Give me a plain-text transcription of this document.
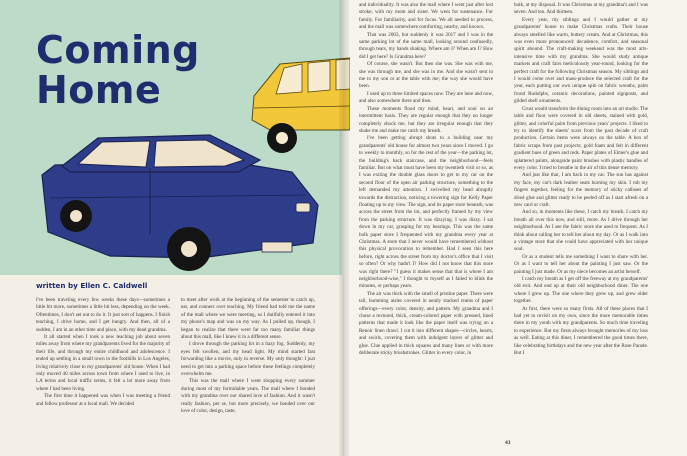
Coming
Home
written by Ellen C. Caldwell

I've been traveling every few weeks these days—sometimes a little bit more, sometimes a little bit less, depending on the week. Oftentimes, I don't set out to do it. It just sort of happens. I finish teaching, I drive home, and I get hungry. And then, all of a sudden, I am in an other time and place, with my dead grandma.

It all started when I took a new teaching job about seven miles away from where my grandparents lived for the majority of their life, and through my entire childhood and adolescence. I ended up settling in a small town in the foothills in Los Angeles, living relatively close to my grandparents' old house. When I had only moved 40 miles across town from where I used to live, in LA terms and local traffic terms, it felt a lot more away from where I had been living.

The first time it happened was when I was meeting a friend and fellow professor at a local mall. We decided

to meet after work at the beginning of the semester to catch up, eat, and connect over teaching. My friend had told me the name of the mall where we were meeting, so I dutifully entered it into my phone's map and was on my way. As I pulled up, though, I began to realize that there were far too many familiar things about this mall, like I knew it in a different sense.

I drove through the parking lot in a hazy fog. Suddenly, my eyes felt swollen, and my head light. My mind started fast forwarding like a movie, only in reverse. My only thought: I just need to get into a parking space before these feelings completely overwhelm me.

This was the mall where I went shopping every summer during most of my formidable years. The mall where I bonded with my grandma over our shared love of fashion. And it wasn't really fashion, per se, but more precisely, we bonded over our love of color, design, taste,

and individuality. It was also the mall where I went just after lost stroke, with my mom and sister. We went for sustenance. For family. For familiarity, and for focus. We all needed to process, and the mall was somewhere comforting, nearby, and known.

That was 2003, but suddenly it was 2017 and I was in the same parking lot of the same mall, looking around confusedly, through tears, my hands shaking. Where am I? When am I? How did I get here? Is Grandma here?

Of course, she wasn't. But then she was. She was with me, she was through me, and she was in me. And she wasn't sent to me to my son or at the table with me; the way she would have been.

I used up to three limited spaces now. They are here and now, and also somewhere there and then.

These moments flood my mind, heart, and soul on an intermittent basis. They are regular enough that they no longer completely shock me, but they are irregular enough that they shake me and make me catch my breath.

I've been getting abrupt shots to a building near my grandparents' old house for almost two years since I moved. I go to weekly to monthly, so for the rest of the year—the parking lot, the building's back staircase, and the neighborhood—feels familiar. But on what must have been my twentieth visit or so, as I was exiting the double glass doors to get to my car on the second floor of the open air parking structure, something to the left demanded my attention. I swivelled my head abruptly towards the distraction, noticing a towering sign for Kelly Paper floating up to my view. The sign, and its paper store beneath, was across the street from the lot, and perfectly framed by my view from the parking structure. It was dizzying. I was dizzy. I sat down in my car, grasping for my bearings. This was the same bulk paper store I frequented with my grandma every year at Christmas. A store that I never would have remembered without this physical provocation to remember. Had I seen this here before, right across the street from my doctor's office that I visit so often? Or why hadn't I? How did I not know that this store was right there? "I guess it makes sense that that is where I am neighborhood-wise," I thought to myself as I failed to blink the minutes, or perhaps years.

The air was thick with the smell of pristine paper. There were tall, humming aisles covered in neatly stacked reams of paper offerings—every color, density, and pattern. My grandma and I chose a textured, thick, cream-colored paper with pressed, lined patterns that made it look like the paper itself was trying on a Renoir linen drawl. I cut it into different shapes—circles, hearts, and swirls, covering them with indulgent layers of glitter and glue. Clue applied in thick squares and many lines or with more deliberate sticky brushstrokes. Glitter in every color, in

bulk, at my disposal. It was Christmas at my grandma's and I was seven. And ten. And thirteen.

Every year, my siblings and I would gather at my grandparents' house to make Christmas crafts. Their house always smelled like warm, buttery cream. And at Christmas, this was even more pronounced: decadence, comfort, and seasonal spirit abound. The craft-making weekend was the most arts-intensive time with my grandma. She would study antique markets and craft fairs meticulously year-round, looking for the perfect craft for the following Christmas season. My siblings and I would come over and mass-produce the selected craft for the year, each putting our own unique spin on fabric wreaths, palm frond Rudolphs, ceramic decorations, painted signposts, and gilded shell ornaments.

Crust would transform the dining room into an art studio. The table and floor were covered in old sheets, stained with gold, glitter, and colorful paint from previous years' projects. I liked to try to identify the sheets' scars from the past decade of craft production. Certain items were always on the table. A box of fabric scraps from past projects; gold foam and felt in different gradient hues of green and reds. Paper plates of Elmer's glue and splattered paints, alongside paint brushes with plastic handles of every color. I tried to breathe in the air of this dense memory.

And just like that, I am back in my car. The sun has against my face, my car's dark leather seats burning my skin. I rub my fingers together, feeling for the memory of sticky calluses of dried glue and glitter ready to be peeled off as I start afresh on a new card or craft.

And so, in moments like these, I catch my breath. I catch my breath all over this now, and still, more. As I drive through her neighborhood. As I see the fabric store she used to frequent. As I think about calling her to tell her about my day. Or as I walk into a vintage store that she could have appreciated with her unique soul.

Or as a student tells me something I want to share with her. Or as I want to tell her about the painting I just saw. Or the painting I just made. Or as my niece becomes an artist herself.

I catch my breath as I get off the freeway at my grandparents' old exit. And end up at their old neighborhood diner. The one where I grew up. The one where they grew up, and grew older together.

At first, there were so many firsts. All of these places that I had yet to revisit on my own, since the more memorable times there in my youth with my grandparents. So much time traveling to experience. But my firsts always brought memories of my loss as well. Eating at this diner, I remembered the good times there, like celebrating birthdays and the new year after the Rose Parade. But I

43
